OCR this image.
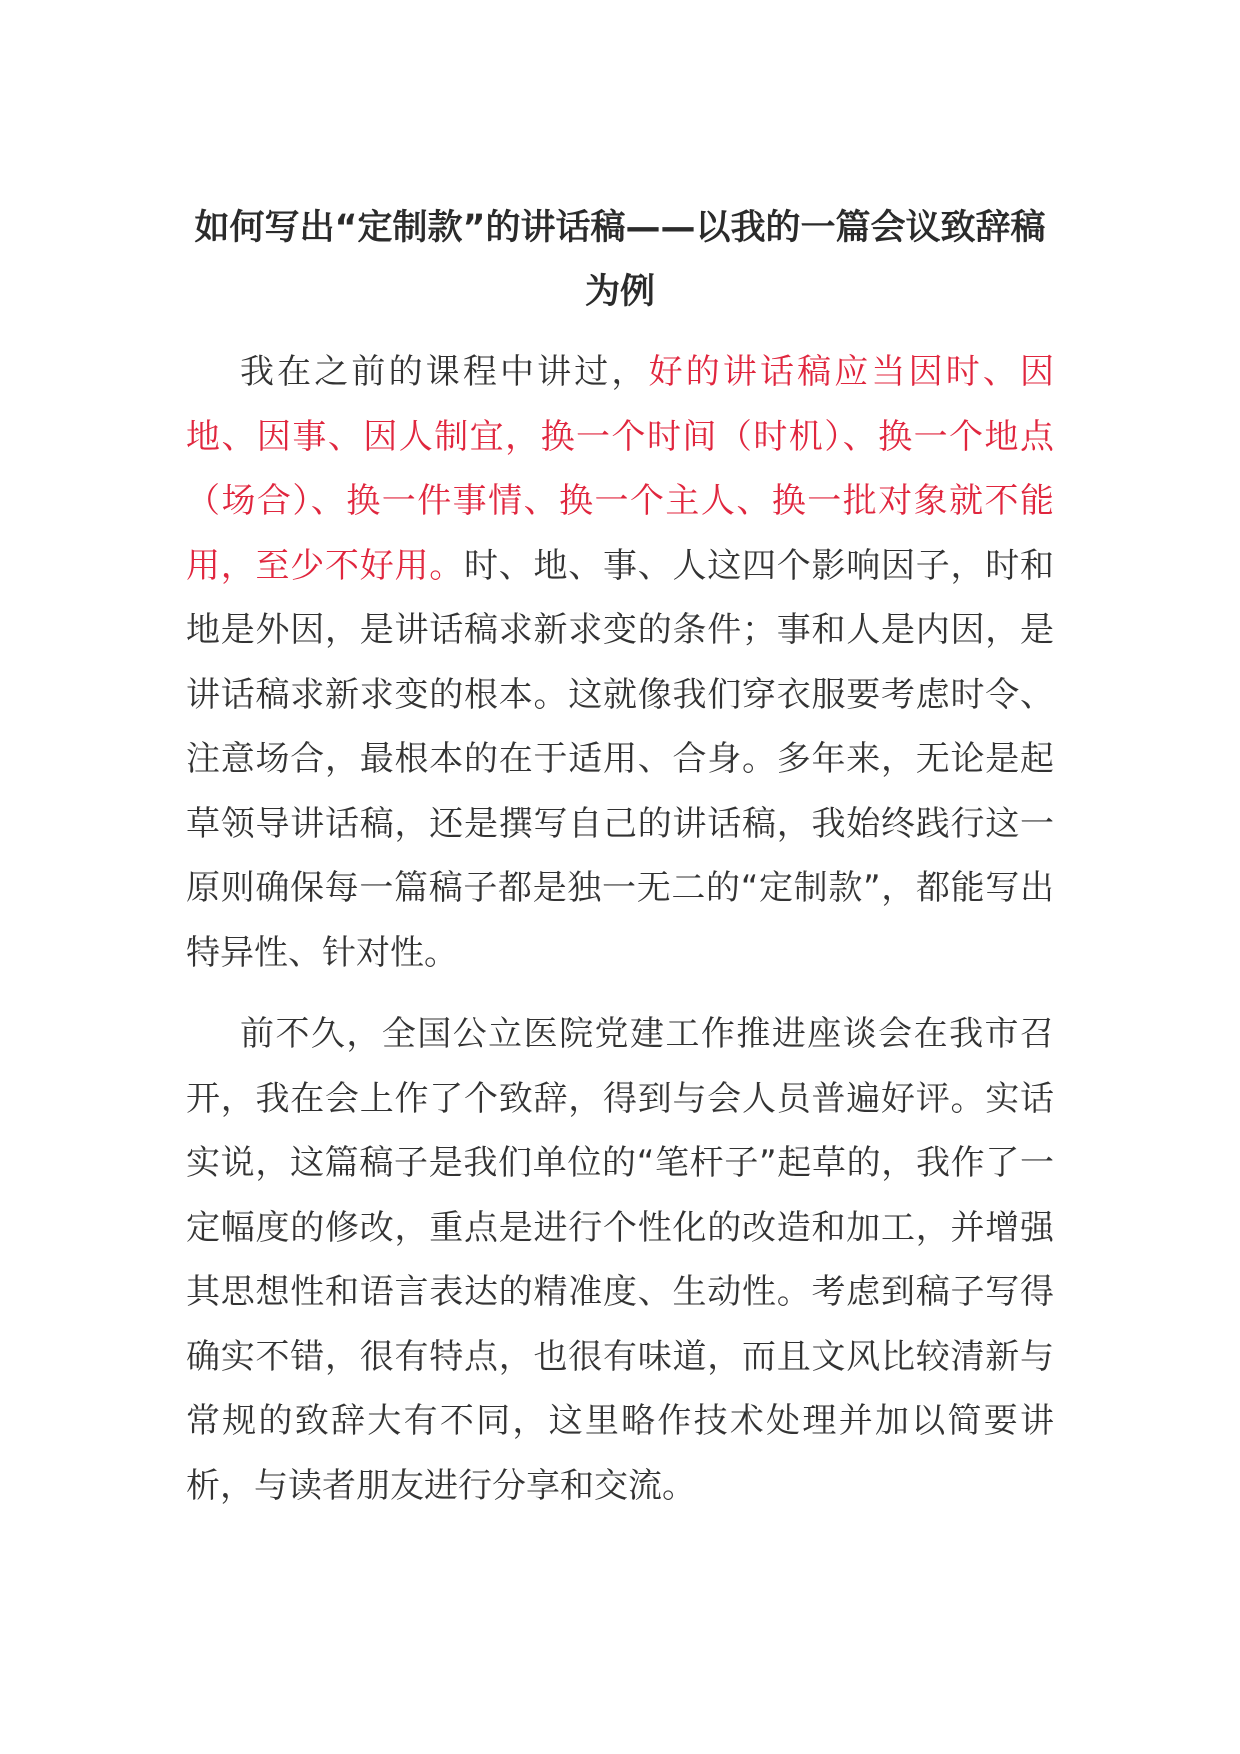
如何写出“定制款”的讲话稿——以我的一篇会议致辞稿为例

我在之前的课程中讲过，好的讲话稿应当因时、因地、因事、因人制宜，换一个时间（时机）、换一个地点（场合）、换一件事情、换一个主人、换一批对象就不能用，至少不好用。时、地、事、人这四个影响因子，时和地是外因，是讲话稿求新求变的条件；事和人是内因，是讲话稿求新求变的根本。这就像我们穿衣服要考虑时令、注意场合，最根本的在于适用、合身。多年来，无论是起草领导讲话稿，还是撰写自己的讲话稿，我始终践行这一原则确保每一篇稿子都是独一无二的“定制款”，都能写出特异性、针对性。

前不久，全国公立医院党建工作推进座谈会在我市召开，我在会上作了个致辞，得到与会人员普遍好评。实话实说，这篇稿子是我们单位的“笔杆子”起草的，我作了一定幅度的修改，重点是进行个性化的改造和加工，并增强其思想性和语言表达的精准度、生动性。考虑到稿子写得确实不错，很有特点，也很有味道，而且文风比较清新与常规的致辞大有不同，这里略作技术处理并加以简要讲析，与读者朋友进行分享和交流。
